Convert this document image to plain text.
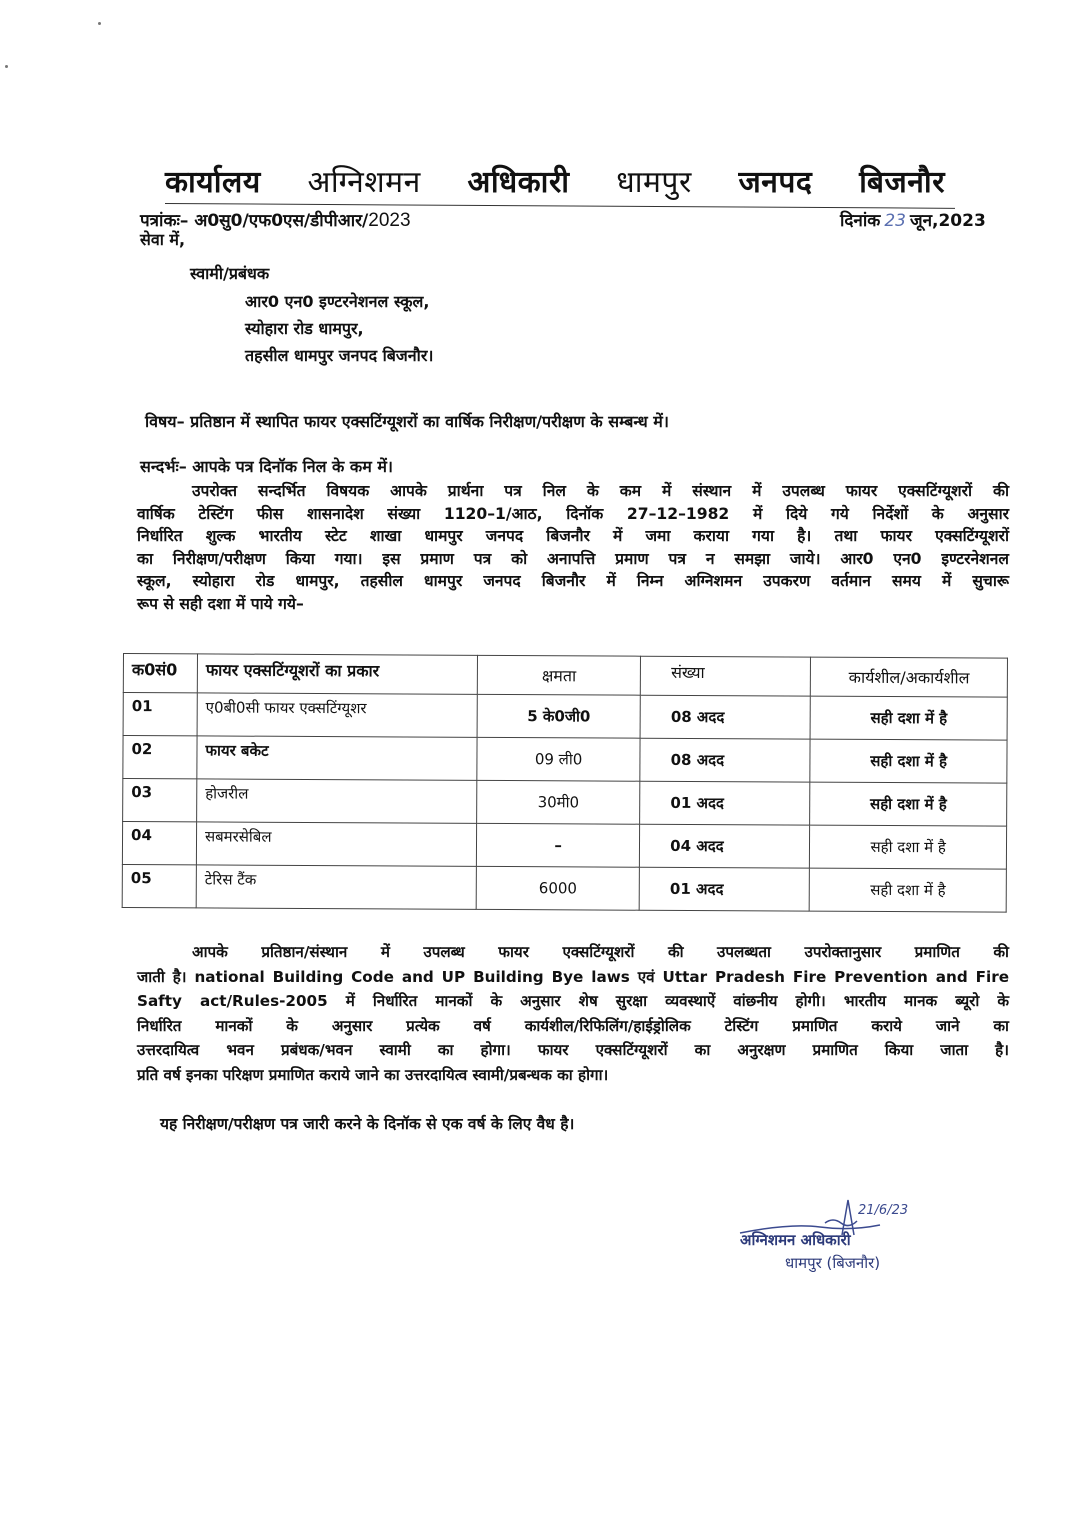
कार्यालय अग्निशमन अधिकारी धामपुर जनपद बिजनौर
पत्रांकः– अ0सु0/एफ0एस/डीपीआर/2023	दिनांक 23 जून,2023
सेवा में,
स्वामी/प्रबंधक
आर0 एन0 इण्टरनेशनल स्कूल,
स्योहारा रोड धामपुर,
तहसील धामपुर जनपद बिजनौर।
विषय– प्रतिष्ठान में स्थापित फायर एक्सटिंग्यूशरों का वार्षिक निरीक्षण/परीक्षण के सम्बन्ध में।
सन्दर्भः– आपके पत्र दिनॉक निल के कम में।
उपरोक्त सन्दर्भित विषयक आपके प्रार्थना पत्र निल के कम में संस्थान में उपलब्ध फायर एक्सटिंग्यूशरों की
वार्षिक टेस्टिंग फीस शासनादेश संख्या 1120–1/आठ, दिनॉक 27–12–1982 में दिये गये निर्देशों के अनुसार
निर्धारित शुल्क भारतीय स्टेट शाखा धामपुर जनपद बिजनौर में जमा कराया गया है। तथा फायर एक्सटिंग्यूशरों
का निरीक्षण/परीक्षण किया गया। इस प्रमाण पत्र को अनापत्ति प्रमाण पत्र न समझा जाये। आर0 एन0 इण्टरनेशनल
स्कूल, स्योहारा रोड धामपुर, तहसील धामपुर जनपद बिजनौर में निम्न अग्निशमन उपकरण वर्तमान समय में सुचारू
रूप से सही दशा में पाये गये–
क0सं0	फायर एक्सटिंग्यूशरों का प्रकार	क्षमता	संख्या	कार्यशील/अकार्यशील
01	ए0बी0सी फायर एक्सटिंग्यूशर	5 के0जी0	08 अदद	सही दशा में है
02	फायर बकेट	09 ली0	08 अदद	सही दशा में है
03	होजरील	30मी0	01 अदद	सही दशा में है
04	सबमरसेबिल	–	04 अदद	सही दशा में है
05	टेरिस टैंक	6000	01 अदद	सही दशा में है
आपके प्रतिष्ठान/संस्थान में उपलब्ध फायर एक्सटिंग्यूशरों की उपलब्धता उपरोक्तानुसार प्रमाणित की
जाती है। national Building Code and UP Building Bye laws एवं Uttar Pradesh Fire Prevention and Fire
Safty act/Rules-2005 में निर्धारित मानकों के अनुसार शेष सुरक्षा व्यवस्थाऐं वांछनीय होगी। भारतीय मानक ब्यूरो के
निर्धारित मानकों के अनुसार प्रत्येक वर्ष कार्यशील/रिफिलिंग/हाईड्रोलिक टेस्टिंग प्रमाणित कराये जाने का
उत्तरदायित्व भवन प्रबंधक/भवन स्वामी का होगा। फायर एक्सटिंग्यूशरों का अनुरक्षण प्रमाणित किया जाता है।
प्रति वर्ष इनका परिक्षण प्रमाणित कराये जाने का उत्तरदायित्व स्वामी/प्रबन्धक का होगा।
यह निरीक्षण/परीक्षण पत्र जारी करने के दिनॉक से एक वर्ष के लिए वैध है।
21/6/23
अग्निशमन अधिकारी
धामपुर (बिजनौर)
